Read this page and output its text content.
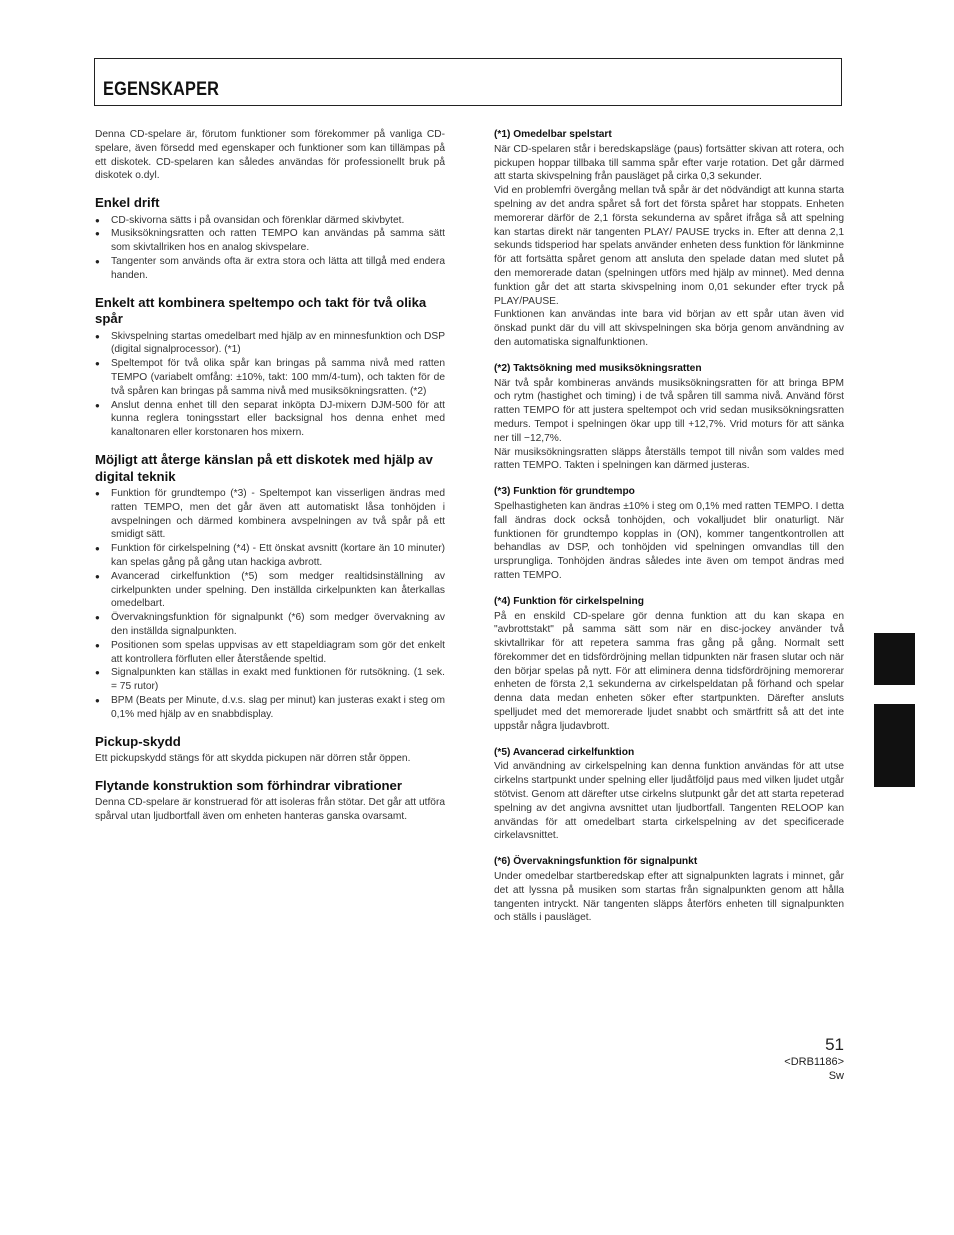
EGENSKAPER

Denna CD-spelare är, förutom funktioner som förekommer på vanliga CD-spelare, även försedd med egenskaper och funktioner som kan tillämpas på ett diskotek. CD-spelaren kan således användas för professionellt bruk på diskotek o.dyl.

Enkel drift
● CD-skivorna sätts i på ovansidan och förenklar därmed skivbytet.
● Musiksökningsratten och ratten TEMPO kan användas på samma sätt som skivtallriken hos en analog skivspelare.
● Tangenter som används ofta är extra stora och lätta att tillgå med endera handen.
Enkelt att kombinera speltempo och takt för två olika spår
● Skivspelning startas omedelbart med hjälp av en minnesfunktion och DSP (digital signalprocessor). (*1)
● Speltempot för två olika spår kan bringas på samma nivå med ratten TEMPO (variabelt omfång: ±10%, takt: 100 mm/4-tum), och takten för de två spåren kan bringas på samma nivå med musiksökningsratten. (*2)
● Anslut denna enhet till den separat inköpta DJ-mixern DJM-500 för att kunna reglera toningsstart eller backsignal hos denna enhet med kanaltonaren eller korstonaren hos mixern.
Möjligt att återge känslan på ett diskotek med hjälp av digital teknik
● Funktion för grundtempo (*3) - Speltempot kan visserligen ändras med ratten TEMPO, men det går även att automatiskt låsa tonhöjden i avspelningen och därmed kombinera avspelningen av två spår på ett smidigt sätt.
● Funktion för cirkelspelning (*4) - Ett önskat avsnitt (kortare än 10 minuter) kan spelas gång på gång utan hackiga avbrott.
● Avancerad cirkelfunktion (*5) som medger realtidsinställning av cirkelpunkten under spelning. Den inställda cirkelpunkten kan återkallas omedelbart.
● Övervakningsfunktion för signalpunkt (*6) som medger övervakning av den inställda signalpunkten.
● Positionen som spelas uppvisas av ett stapeldiagram som gör det enkelt att kontrollera förfluten eller återstående speltid.
● Signalpunkten kan ställas in exakt med funktionen för rutsökning. (1 sek. = 75 rutor)
● BPM (Beats per Minute, d.v.s. slag per minut) kan justeras exakt i steg om 0,1% med hjälp av en snabbdisplay.
Pickup-skydd

Ett pickupskydd stängs för att skydda pickupen när dörren står öppen.

Flytande konstruktion som förhindrar vibrationer

Denna CD-spelare är konstruerad för att isoleras från stötar. Det går att utföra spårval utan ljudbortfall även om enheten hanteras ganska ovarsamt.

(*1) Omedelbar spelstart

När CD-spelaren står i beredskapsläge (paus) fortsätter skivan att rotera, och pickupen hoppar tillbaka till samma spår efter varje rotation. Det går därmed att starta skivspelning från pausläget på cirka 0,3 sekunder.

Vid en problemfri övergång mellan två spår är det nödvändigt att kunna starta spelning av det andra spåret så fort det första spåret har stoppats. Enheten memorerar därför de 2,1 första sekunderna av spåret ifråga så att spelning kan startas direkt när tangenten PLAY/ PAUSE trycks in. Efter att denna 2,1 sekunds tidsperiod har spelats använder enheten dess funktion för länkminne för att fortsätta spåret genom att ansluta den spelade datan med slutet på den memorerade datan (spelningen utförs med hjälp av minnet). Med denna funktion går det att starta skivspelning inom 0,01 sekunder efter tryck på PLAY/PAUSE.

Funktionen kan användas inte bara vid början av ett spår utan även vid önskad punkt där du vill att skivspelningen ska börja genom användning av den automatiska signalfunktionen.

(*2) Taktsökning med musiksökningsratten

När två spår kombineras används musiksökningsratten för att bringa BPM och rytm (hastighet och timing) i de två spåren till samma nivå. Använd först ratten TEMPO för att justera speltempot och vrid sedan musiksökningsratten medurs. Tempot i spelningen ökar upp till +12,7%. Vrid moturs för att sänka ner till −12,7%.

När musiksökningsratten släpps återställs tempot till nivån som valdes med ratten TEMPO. Takten i spelningen kan därmed justeras.

(*3) Funktion för grundtempo

Spelhastigheten kan ändras ±10% i steg om 0,1% med ratten TEMPO. I detta fall ändras dock också tonhöjden, och vokalljudet blir onaturligt. När funktionen för grundtempo kopplas in (ON), kommer tangentkontrollen att behandlas av DSP, och tonhöjden vid spelningen omvandlas till den ursprungliga. Tonhöjden ändras således inte även om tempot ändras med ratten TEMPO.

(*4) Funktion för cirkelspelning

På en enskild CD-spelare gör denna funktion att du kan skapa en "avbrottstakt" på samma sätt som när en disc-jockey använder två skivtallrikar för att repetera samma fras gång på gång. Normalt sett förekommer det en tidsfördröjning mellan tidpunkten när frasen slutar och när den börjar spelas på nytt. För att eliminera denna tidsfördröjning memorerar enheten de första 2,1 sekunderna av cirkelspeldatan på förhand och spelar denna data medan enheten söker efter startpunkten. Därefter ansluts spelljudet med det memorerade ljudet snabbt och smärtfritt så att det inte uppstår några ljudavbrott.

(*5) Avancerad cirkelfunktion

Vid användning av cirkelspelning kan denna funktion användas för att utse cirkelns startpunkt under spelning eller ljudåtföljd paus med vilken ljudet utgår stötvist. Genom att därefter utse cirkelns slutpunkt går det att starta repeterad spelning av det angivna avsnittet utan ljudbortfall. Tangenten RELOOP kan användas för att omedelbart starta cirkelspelning av det specificerade cirkelavsnittet.

(*6) Övervakningsfunktion för signalpunkt

Under omedelbar startberedskap efter att signalpunkten lagrats i minnet, går det att lyssna på musiken som startas från signalpunkten genom att hålla tangenten intryckt. När tangenten släpps återförs enheten till signalpunkten och ställs i pausläget.

51
<DRB1186>
Sw
